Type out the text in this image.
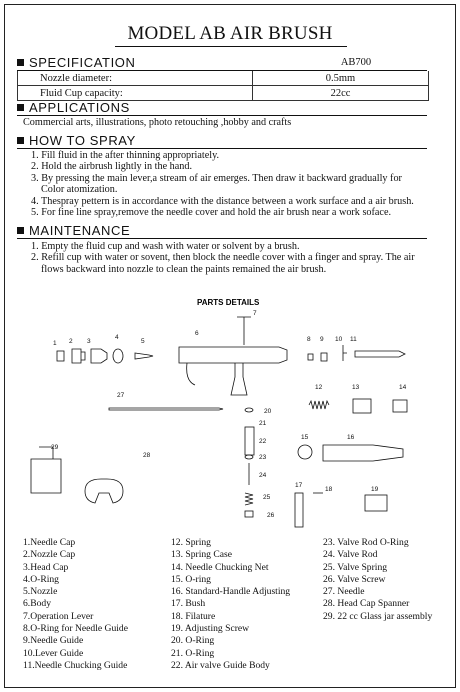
MODEL AB AIR BRUSH
SPECIFICATION	AB700
Nozzle diameter:	0.5mm
Fluid Cup capacity:	22cc
APPLICATIONS
Commercial arts, illustrations, photo retouching ,hobby and crafts
HOW TO SPRAY
1. Fill fluid in the after thinning appropriately.
2. Hold the airbrush lightly in the hand.
3. By pressing the main lever,a stream of air emerges. Then draw it backward gradually for
Color atomization.
4. Thespray pettern is in accordance with the distance between a work surface and a air brush.
5. For fine line spray,remove the needle cover and hold the air brush near a work soface.
MAINTENANCE
1. Empty the fluid cup and wash with water or solvent by a brush.
2. Refill cup with water or sovent, then block the needle cover with a finger and spray. The air
flows backward into nozzle to clean the paints remained the air brush.
PARTS DETAILS
1 2 3
4
5
6
7
8 9 10 11
12	13	14
15	16
17
18	19
20
21
22
23
24
25
26
27
28
29
1.Needle Cap
2.Nozzle Cap
3.Head Cap
4.O-Ring
5.Nozzle
6.Body
7.Operation Lever
8.O-Ring for Needle Guide
9.Needle Guide
10.Lever Guide
11.Needle Chucking Guide
12. Spring
13. Spring Case
14. Needle Chucking Net
15. O-ring
16. Standard-Handle Adjusting
17. Bush
18. Filature
19. Adjusting Screw
20. O-Ring
21. O-Ring
22. Air valve Guide Body
23. Valve Rod O-Ring
24. Valve Rod
25. Valve Spring
26. Valve Screw
27. Needle
28. Head Cap Spanner
29. 22 cc Glass jar assembly
